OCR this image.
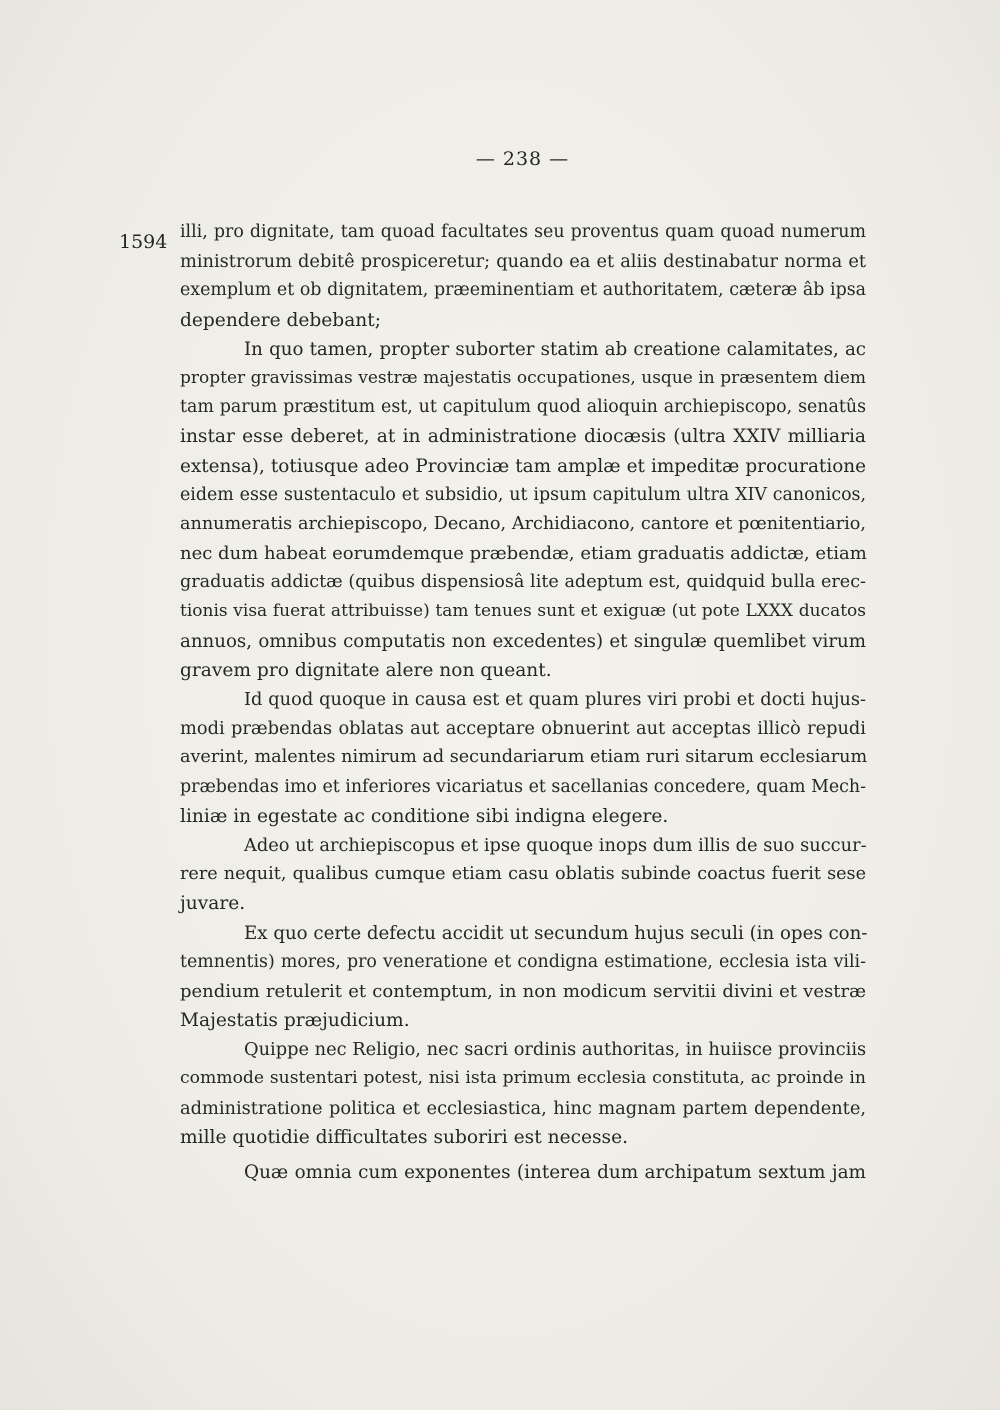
— 238 —
1594 illi, pro dignitate, tam quoad facultates seu proventus quam quoad numerum
ministrorum debitê prospiceretur; quando ea et aliis destinabatur norma et
exemplum et ob dignitatem, præeminentiam et authoritatem, cæteræ âb ipsa
dependere debebant;
In quo tamen, propter suborter statim ab creatione calamitates, ac
propter gravissimas vestræ majestatis occupationes, usque in præsentem diem
tam parum præstitum est, ut capitulum quod alioquin archiepiscopo, senatûs
instar esse deberet, at in administratione diocæsis (ultra XXIV milliaria
extensa), totiusque adeo Provinciæ tam amplæ et impeditæ procuratione
eidem esse sustentaculo et subsidio, ut ipsum capitulum ultra XIV canonicos,
annumeratis archiepiscopo, Decano, Archidiacono, cantore et pœnitentiario,
nec dum habeat eorumdemque præbendæ, etiam graduatis addictæ, etiam
graduatis addictæ (quibus dispensiosâ lite adeptum est, quidquid bulla erec-
tionis visa fuerat attribuisse) tam tenues sunt et exiguæ (ut pote LXXX ducatos
annuos, omnibus computatis non excedentes) et singulæ quemlibet virum
gravem pro dignitate alere non queant.
Id quod quoque in causa est et quam plures viri probi et docti hujus-
modi præbendas oblatas aut acceptare obnuerint aut acceptas illicò repudi
averint, malentes nimirum ad secundariarum etiam ruri sitarum ecclesiarum
præbendas imo et inferiores vicariatus et sacellanias concedere, quam Mech-
liniæ in egestate ac conditione sibi indigna elegere.
Adeo ut archiepiscopus et ipse quoque inops dum illis de suo succur-
rere nequit, qualibus cumque etiam casu oblatis subinde coactus fuerit sese
juvare.
Ex quo certe defectu accidit ut secundum hujus seculi (in opes con-
temnentis) mores, pro veneratione et condigna estimatione, ecclesia ista vili-
pendium retulerit et contemptum, in non modicum servitii divini et vestræ
Majestatis præjudicium.
Quippe nec Religio, nec sacri ordinis authoritas, in huiisce provinciis
commode sustentari potest, nisi ista primum ecclesia constituta, ac proinde in
administratione politica et ecclesiastica, hinc magnam partem dependente,
mille quotidie difficultates suboriri est necesse.
Quæ omnia cum exponentes (interea dum archipatum sextum jam
